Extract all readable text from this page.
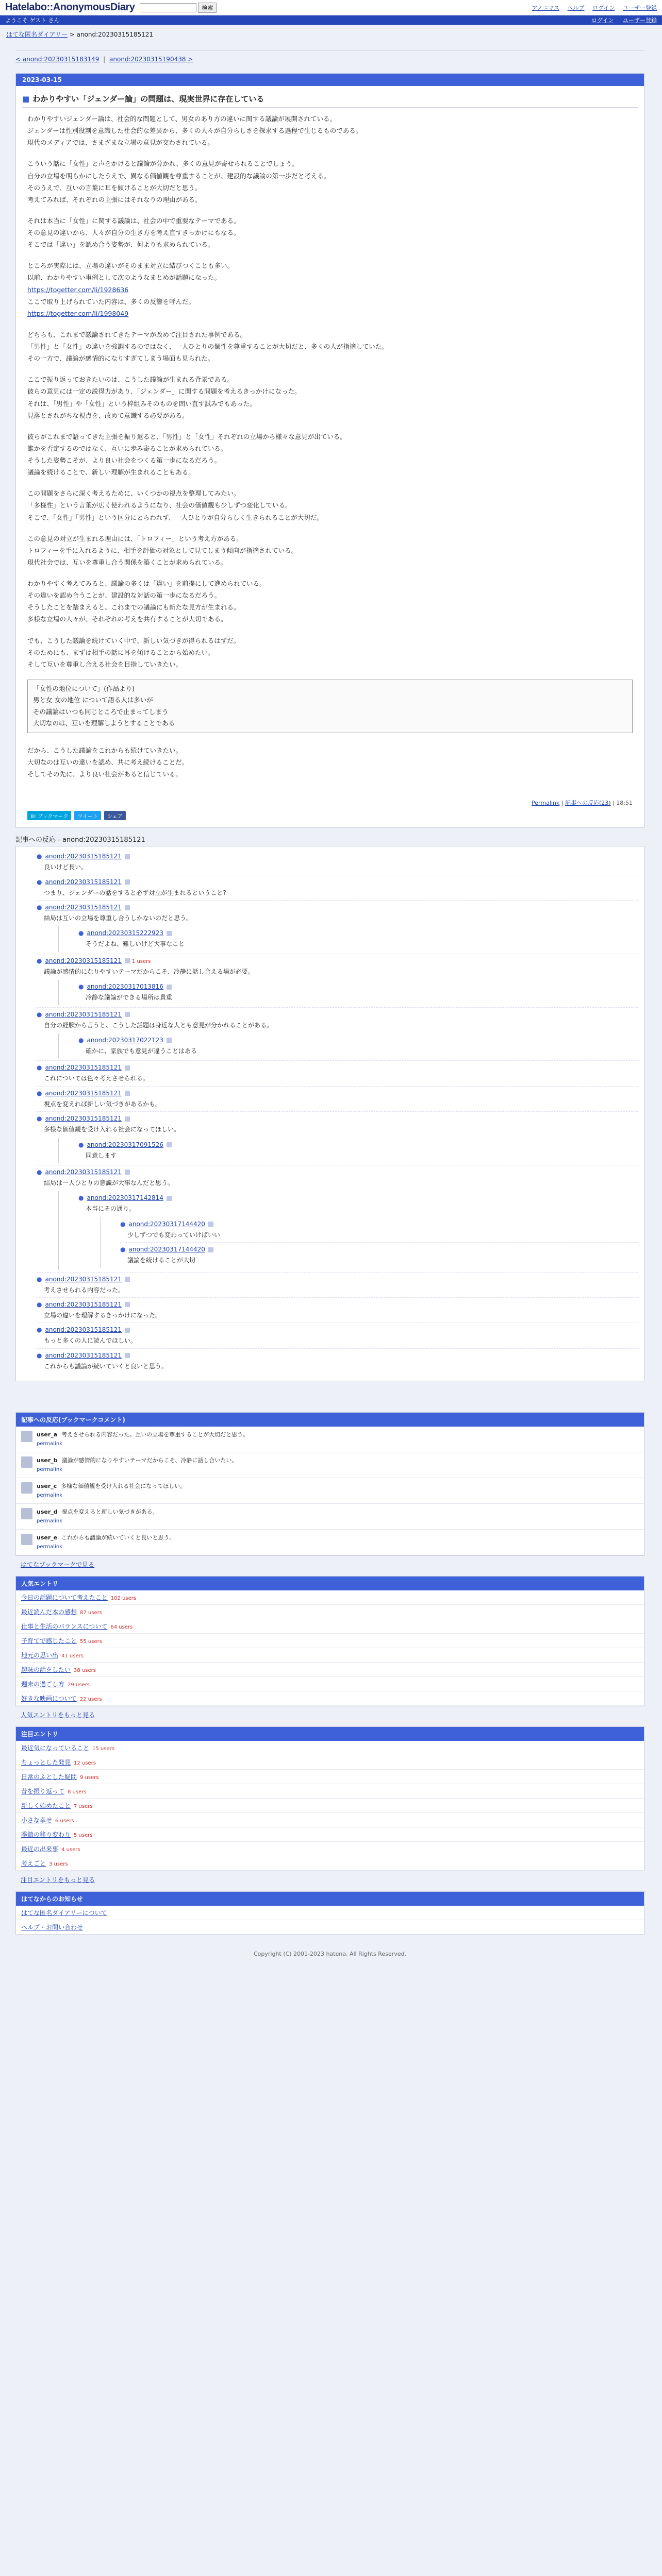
Hatelabo::AnonymousDiary	検索	アノニマス ヘルプ ログイン ユーザー登録
ようこそ ゲスト さん	ログイン ユーザー登録
はてな匿名ダイアリー > anond:20230315185121
< anond:20230315183149 | anond:20230315190438 >
2023-03-15
■ わかりやすい「ジェンダー論」の問題は、現実世界に存在している

わかりやすいジェンダー論は、社会的な問題として、男女のあり方の違いに関する議論が展開されている。
ジェンダーは性別役割を意識した社会的な差異から、多くの人々が自分らしさを探求する過程で生じるものである。
現代のメディアでは、さまざまな立場の意見が交わされている。

こういう話に「女性」と声をかけると議論が分かれ、多くの意見が寄せられることでしょう。
自分の立場を明らかにしたうえで、異なる価値観を尊重することが、建設的な議論の第一歩だと考える。
そのうえで、互いの言葉に耳を傾けることが大切だと思う。
考えてみれば、それぞれの主張にはそれなりの理由がある。

それは本当に「女性」に関する議論は、社会の中で重要なテーマである。
その意見の違いから、人々が自分の生き方を考え直すきっかけにもなる。
そこでは「違い」を認め合う姿勢が、何よりも求められている。

ところが実際には、立場の違いがそのまま対立に結びつくことも多い。
以前、わかりやすい事例として次のようなまとめが話題になった。
https://togetter.com/li/1928636
ここで取り上げられていた内容は、多くの反響を呼んだ。
https://togetter.com/li/1998049

どちらも、これまで議論されてきたテーマが改めて注目された事例である。
「男性」と「女性」の違いを強調するのではなく、一人ひとりの個性を尊重することが大切だと、多くの人が指摘していた。
その一方で、議論が感情的になりすぎてしまう場面も見られた。

ここで振り返っておきたいのは、こうした議論が生まれる背景である。
彼らの意見には一定の説得力があり、「ジェンダー」に関する問題を考えるきっかけになった。
それは、「男性」や「女性」という枠組みそのものを問い直す試みでもあった。
見落とされがちな視点を、改めて意識する必要がある。

彼らがこれまで語ってきた主張を振り返ると、「男性」と「女性」それぞれの立場から様々な意見が出ている。
誰かを否定するのではなく、互いに歩み寄ることが求められている。
そうした姿勢こそが、より良い社会をつくる第一歩になるだろう。
議論を続けることで、新しい理解が生まれることもある。

この問題をさらに深く考えるために、いくつかの視点を整理してみたい。
「多様性」という言葉が広く使われるようになり、社会の価値観も少しずつ変化している。
そこで、「女性」「男性」という区分にとらわれず、一人ひとりが自分らしく生きられることが大切だ。

この意見の対立が生まれる理由には、「トロフィー」という考え方がある。
トロフィーを手に入れるように、相手を評価の対象として見てしまう傾向が指摘されている。
現代社会では、互いを尊重し合う関係を築くことが求められている。

わかりやすく考えてみると、議論の多くは「違い」を前提にして進められている。
その違いを認め合うことが、建設的な対話の第一歩になるだろう。
そうしたことを踏まえると、これまでの議論にも新たな見方が生まれる。
多様な立場の人々が、それぞれの考えを共有することが大切である。

でも、こうした議論を続けていく中で、新しい気づきが得られるはずだ。
そのためにも、まずは相手の話に耳を傾けることから始めたい。
そして互いを尊重し合える社会を目指していきたい。

「女性の地位について」(作品より)
男と女 女の地位 について語る人は多いが
その議論はいつも同じところで止まってしまう
大切なのは、互いを理解しようとすることである

だから、こうした議論をこれからも続けていきたい。
大切なのは互いの違いを認め、共に考え続けることだ。
そしてその先に、より良い社会があると信じている。

Permalink | 記事への反応(23) | 18:51
B! ブックマーク	ツイート	シェア
記事への反応 - anond:20230315185121
● anond:20230315185121
良いけど長い。
● anond:20230315185121
つまり、ジェンダーの話をすると必ず対立が生まれるということ?
● anond:20230315185121
結局は互いの立場を尊重し合うしかないのだと思う。
● anond:20230315222923
そうだよね、難しいけど大事なこと
● anond:20230315185121 1 users
議論が感情的になりやすいテーマだからこそ、冷静に話し合える場が必要。
● anond:20230317013816
冷静な議論ができる場所は貴重
● anond:20230315185121
自分の経験から言うと、こうした話題は身近な人とも意見が分かれることがある。
● anond:20230317022123
確かに、家族でも意見が違うことはある
● anond:20230315185121
これについては色々考えさせられる。
● anond:20230315185121
視点を変えれば新しい気づきがあるかも。
● anond:20230315185121
多様な価値観を受け入れる社会になってほしい。
● anond:20230317091526
同意します
● anond:20230315185121
結局は一人ひとりの意識が大事なんだと思う。
● anond:20230317142814
本当にその通り。
● anond:20230317144420
少しずつでも変わっていけばいい
● anond:20230317144420
議論を続けることが大切
● anond:20230315185121
考えさせられる内容だった。
● anond:20230315185121
立場の違いを理解するきっかけになった。
● anond:20230315185121
もっと多くの人に読んでほしい。
● anond:20230315185121
これからも議論が続いていくと良いと思う。
記事への反応(ブックマークコメント)
user_a 考えさせられる内容だった。互いの立場を尊重することが大切だと思う。
permalink
user_b 議論が感情的になりやすいテーマだからこそ、冷静に話し合いたい。
permalink
user_c 多様な価値観を受け入れる社会になってほしい。
permalink
user_d 視点を変えると新しい気づきがある。
permalink
user_e これからも議論が続いていくと良いと思う。
permalink
はてなブックマークで見る
人気エントリ
今日の話題について考えたこと 102 users
最近読んだ本の感想 87 users
仕事と生活のバランスについて 64 users
子育てで感じたこと 55 users
地元の思い出 41 users
趣味の話をしたい 38 users
週末の過ごし方 29 users
好きな映画について 22 users
人気エントリをもっと見る
注目エントリ
最近気になっていること 15 users
ちょっとした発見 12 users
日常のふとした疑問 9 users
昔を振り返って 8 users
新しく始めたこと 7 users
小さな幸せ 6 users
季節の移り変わり 5 users
最近の出来事 4 users
考えごと 3 users
注目エントリをもっと見る
はてなからのお知らせ
はてな匿名ダイアリーについて
ヘルプ・お問い合わせ
Copyright (C) 2001-2023 hatena. All Rights Reserved.
